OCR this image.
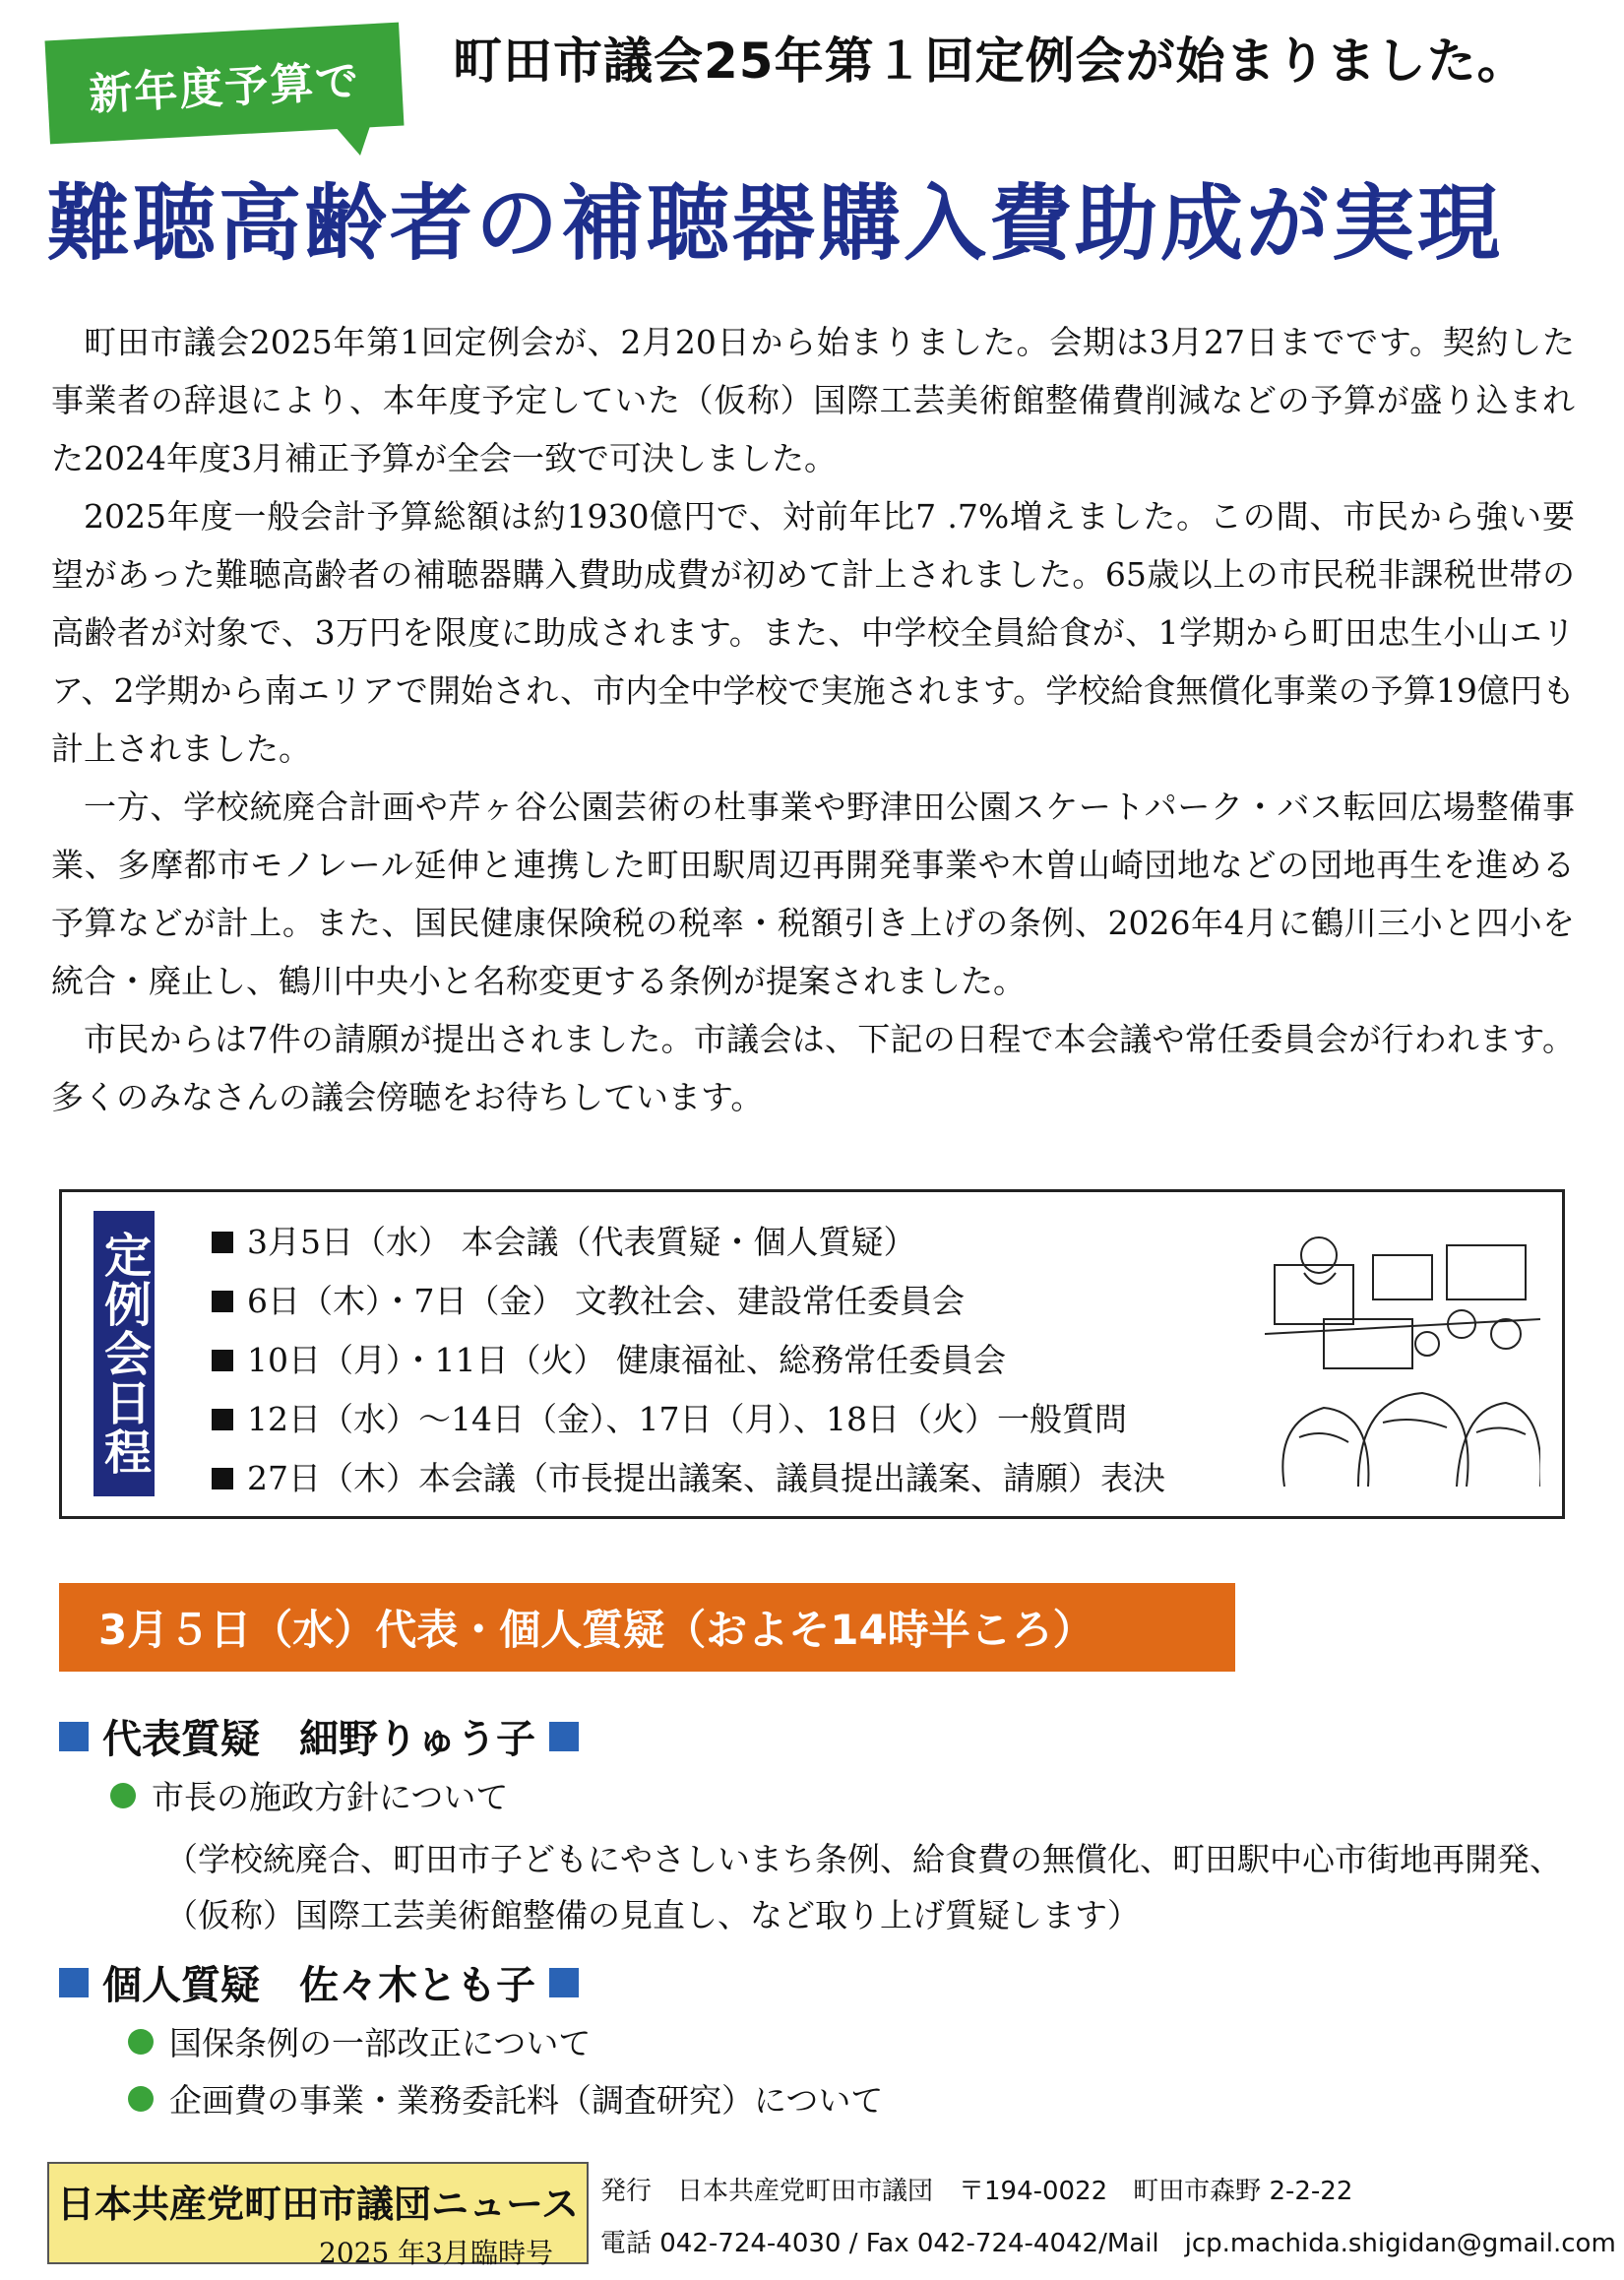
新年度予算で	町田市議会25年第１回定例会が始まりました。
難聴高齢者の補聴器購入費助成が実現

町田市議会2025年第1回定例会が、2月20日から始まりました。会期は3月27日までです。契約した事業者の辞退により、本年度予定していた（仮称）国際工芸美術館整備費削減などの予算が盛り込まれた2024年度3月補正予算が全会一致で可決しました。

2025年度一般会計予算総額は約1930億円で、対前年比7 .7%増えました。この間、市民から強い要望があった難聴高齢者の補聴器購入費助成費が初めて計上されました。65歳以上の市民税非課税世帯の高齢者が対象で、3万円を限度に助成されます。また、中学校全員給食が、1学期から町田忠生小山エリア、2学期から南エリアで開始され、市内全中学校で実施されます。学校給食無償化事業の予算19億円も計上されました。

一方、学校統廃合計画や芹ヶ谷公園芸術の杜事業や野津田公園スケートパーク・バス転回広場整備事業、多摩都市モノレール延伸と連携した町田駅周辺再開発事業や木曽山崎団地などの団地再生を進める予算などが計上。また、国民健康保険税の税率・税額引き上げの条例、2026年4月に鶴川三小と四小を統合・廃止し、鶴川中央小と名称変更する条例が提案されました。

市民からは7件の請願が提出されました。市議会は、下記の日程で本会議や常任委員会が行われます。多くのみなさんの議会傍聴をお待ちしています。

定例会日程	3月5日（水） 本会議（代表質疑・個人質疑）
6日（木）・7日（金） 文教社会、建設常任委員会
10日（月）・11日（火） 健康福祉、総務常任委員会
12日（水）〜14日（金）、17日（月）、18日（火）一般質問
27日（木）本会議（市長提出議案、議員提出議案、請願）表決
3月５日（水）代表・個人質疑（およそ14時半ころ）
代表質疑　細野りゅう子
市長の施政方針について
（学校統廃合、町田市子どもにやさしいまち条例、給食費の無償化、町田駅中心市街地再開発、
（仮称）国際工芸美術館整備の見直し、など取り上げ質疑します）
個人質疑　佐々木とも子
国保条例の一部改正について
企画費の事業・業務委託料（調査研究）について
日本共産党町田市議団ニュース
2025 年3月臨時号
発行　日本共産党町田市議団　〒194-0022　町田市森野 2-2-22
電話 042-724-4030 / Fax 042-724-4042/Mail　jcp.machida.shigidan@gmail.com
